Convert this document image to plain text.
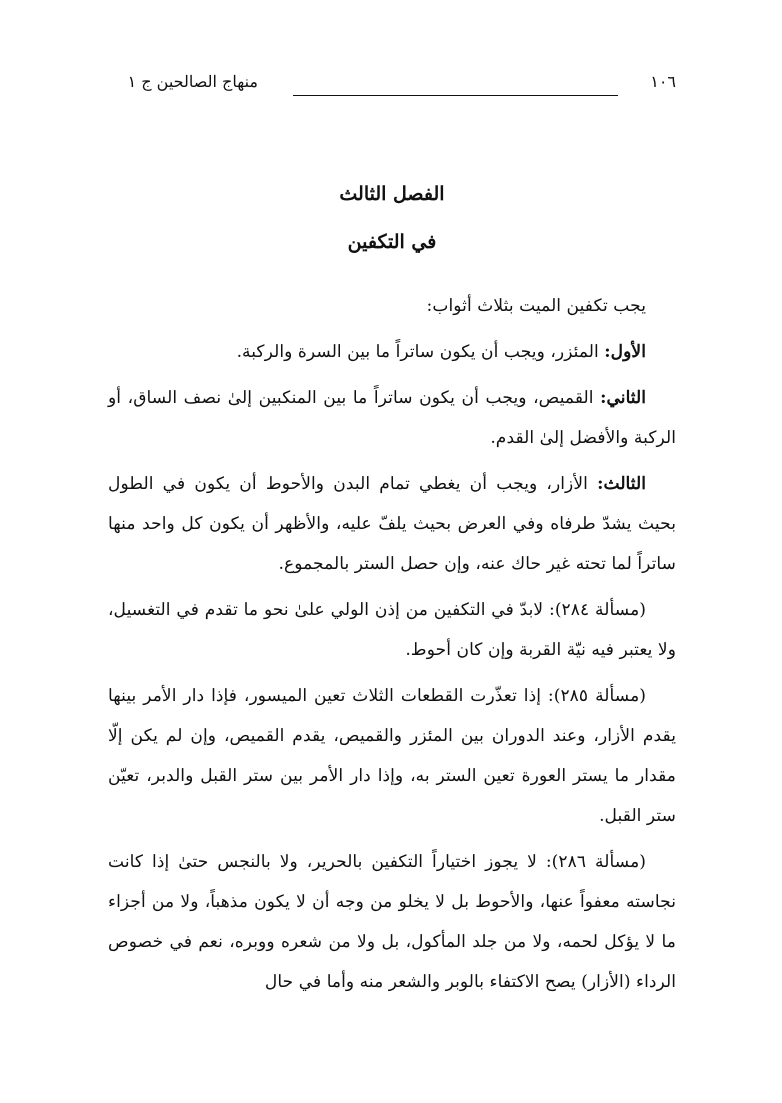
١٠٦
منهاج الصالحين ج ١
الفصل الثالث
في التكفين

يجب تكفين الميت بثلاث أثواب:

الأول: المئزر، ويجب أن يكون ساتراً ما بين السرة والركبة.

الثاني: القميص، ويجب أن يكون ساتراً ما بين المنكبين إلىٰ نصف الساق، أو الركبة والأفضل إلىٰ القدم.

الثالث: الأزار، ويجب أن يغطي تمام البدن والأحوط أن يكون في الطول بحيث يشدّ طرفاه وفي العرض بحيث يلفّ عليه، والأظهر أن يكون كل واحد منها ساتراً لما تحته غير حاك عنه، وإن حصل الستر بالمجموع.

(مسألة ٢٨٤): لابدّ في التكفين من إذن الولي علىٰ نحو ما تقدم في التغسيل، ولا يعتبر فيه نيّة القربة وإن كان أحوط.

(مسألة ٢٨٥): إذا تعذّرت القطعات الثلاث تعين الميسور، فإذا دار الأمر بينها يقدم الأزار، وعند الدوران بين المئزر والقميص، يقدم القميص، وإن لم يكن إلّا مقدار ما يستر العورة تعين الستر به، وإذا دار الأمر بين ستر القبل والدبر، تعيّن ستر القبل.

(مسألة ٢٨٦): لا يجوز اختياراً التكفين بالحرير، ولا بالنجس حتىٰ إذا كانت نجاسته معفواً عنها، والأحوط بل لا يخلو من وجه أن لا يكون مذهباً، ولا من أجزاء ما لا يؤكل لحمه، ولا من جلد المأكول، بل ولا من شعره ووبره، نعم في خصوص الرداء (الأزار) يصح الاكتفاء بالوبر والشعر منه وأما في حال
